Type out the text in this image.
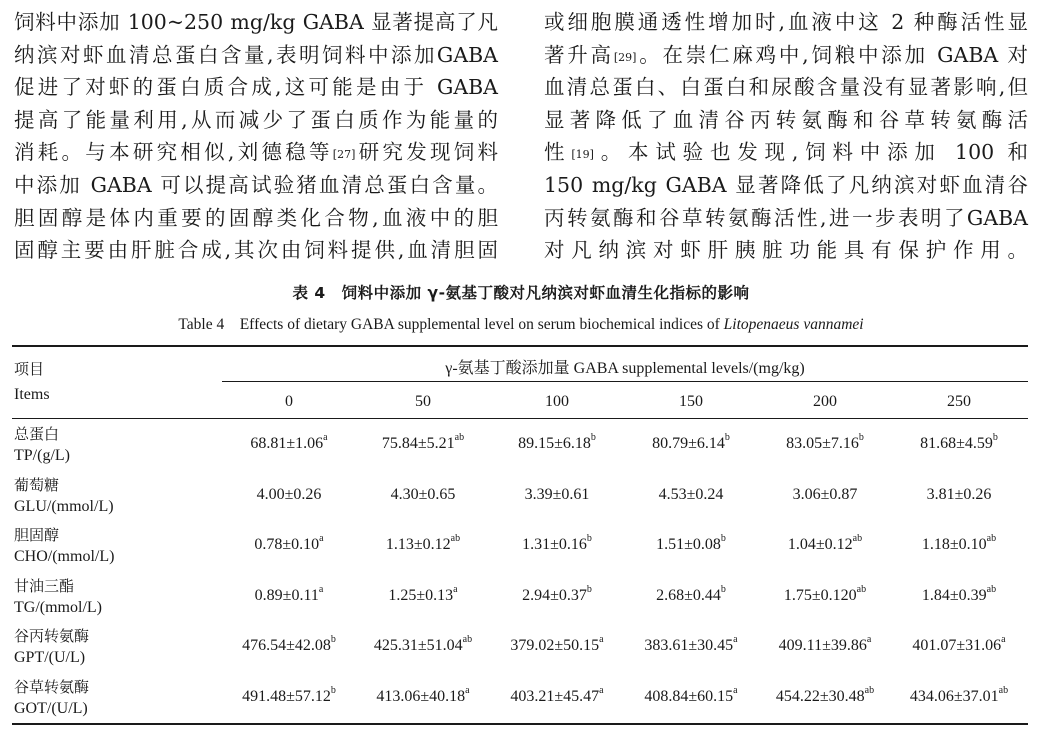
饲料中添加 100~250 mg/kg GABA 显著提高了凡
纳滨对虾血清总蛋白含量,表明饲料中添加GABA
促进了对虾的蛋白质合成,这可能是由于 GABA
提高了能量利用,从而减少了蛋白质作为能量的
消耗。与本研究相似,刘德稳等[27]研究发现饲料
中添加 GABA 可以提高试验猪血清总蛋白含量。
胆固醇是体内重要的固醇类化合物,血液中的胆
固醇主要由肝脏合成,其次由饲料提供,血清胆固
或细胞膜通透性增加时,血液中这 2 种酶活性显
著升高[29]。在崇仁麻鸡中,饲粮中添加 GABA 对
血清总蛋白、白蛋白和尿酸含量没有显著影响,但
显著降低了血清谷丙转氨酶和谷草转氨酶活
性[19]。本试验也发现,饲料中添加 100 和
150 mg/kg GABA 显著降低了凡纳滨对虾血清谷
丙转氨酶和谷草转氨酶活性,进一步表明了GABA
对凡纳滨对虾肝胰脏功能具有保护作用。
表 4　饲料中添加 γ-氨基丁酸对凡纳滨对虾血清生化指标的影响
Table 4　Effects of dietary GABA supplemental level on serum biochemical indices of Litopenaeus vannamei
项目
Items
γ-氨基丁酸添加量 GABA supplemental levels/(mg/kg)
0	50	100	150	200	250
总蛋白
TP/(g/L)
68.81±1.06$^a$	75.84±5.21$^{ab}$	89.15±6.18$^b$	80.79±6.14$^b$	83.05±7.16$^b$	81.68±4.59$^b$
葡萄糖
GLU/(mmol/L)
4.00±0.26	4.30±0.65	3.39±0.61	4.53±0.24	3.06±0.87	3.81±0.26
胆固醇
CHO/(mmol/L)
0.78±0.10$^a$	1.13±0.12$^{ab}$	1.31±0.16$^b$	1.51±0.08$^b$	1.04±0.12$^{ab}$	1.18±0.10$^{ab}$
甘油三酯
TG/(mmol/L)
0.89±0.11$^a$	1.25±0.13$^a$	2.94±0.37$^b$	2.68±0.44$^b$	1.75±0.120$^{ab}$	1.84±0.39$^{ab}$
谷丙转氨酶
GPT/(U/L)
476.54±42.08$^b$	425.31±51.04$^{ab}$	379.02±50.15$^a$	383.61±30.45$^a$	409.11±39.86$^a$	401.07±31.06$^a$
谷草转氨酶
GOT/(U/L)
491.48±57.12$^b$	413.06±40.18$^a$	403.21±45.47$^a$	408.84±60.15$^a$	454.22±30.48$^{ab}$	434.06±37.01$^{ab}$
